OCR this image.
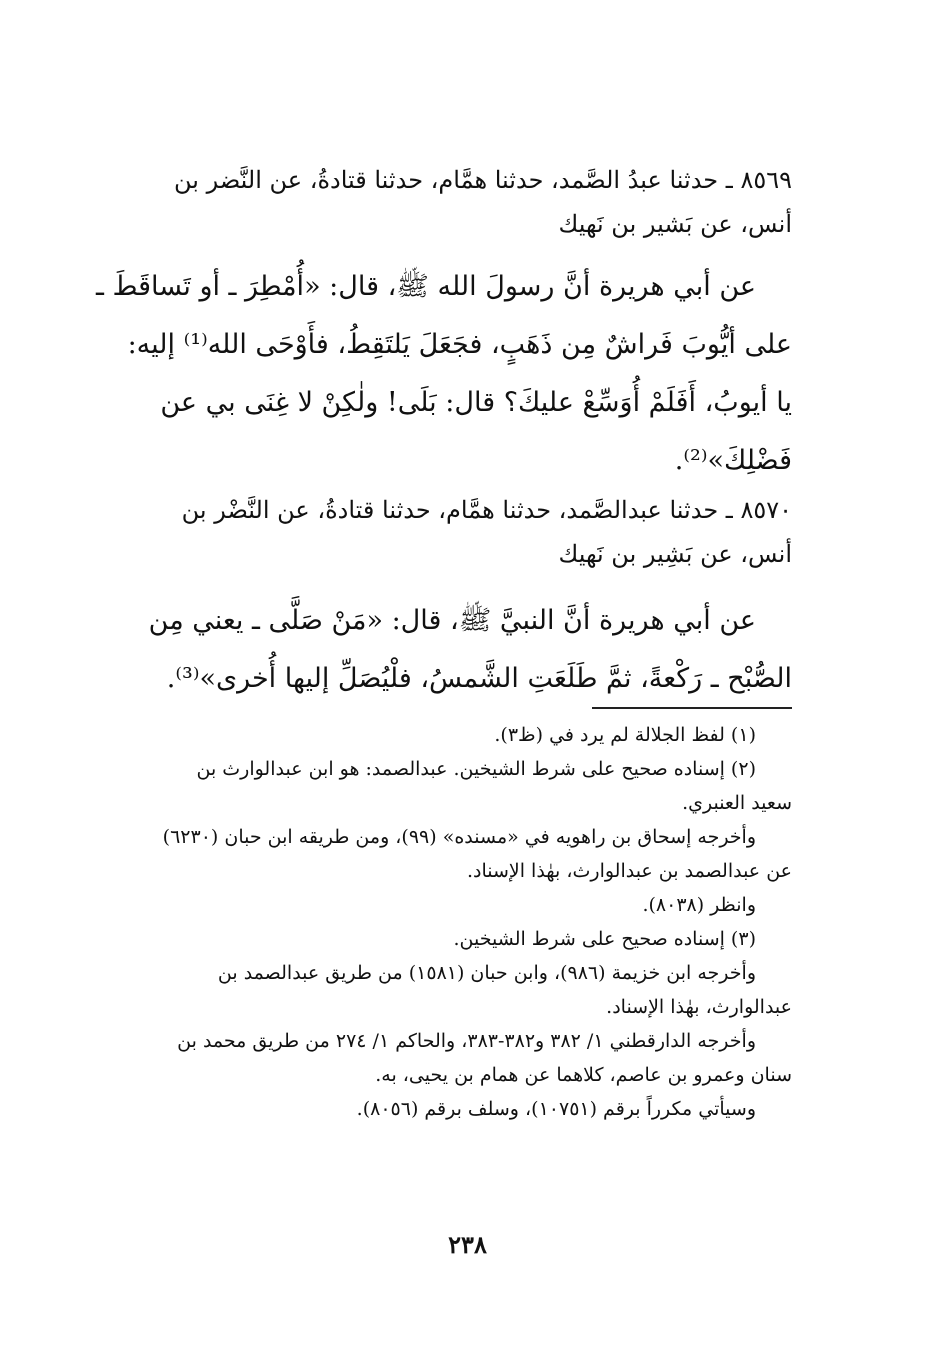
٨٥٦٩ ـ حدثنا عبدُ الصَّمد، حدثنا همَّام، حدثنا قتادةُ، عن النَّضر بن
أنس، عن بَشير بن نَهيك
عن أبي هريرة أنَّ رسولَ الله ﷺ، قال: «أُمْطِرَ ـ أو تَساقَطَ ـ
على أيُّوبَ فَراشٌ مِن ذَهَبٍ، فجَعَلَ يَلتَقِطُ، فأَوْحَى الله⁽¹⁾ إليه:
يا أيوبُ، أَفَلَمْ أُوَسِّعْ عليكَ؟ قال: بَلَى! ولٰكِنْ لا غِنَى بي عن
فَضْلِكَ»⁽²⁾.
٨٥٧٠ ـ حدثنا عبدالصَّمد، حدثنا همَّام، حدثنا قتادةُ، عن النَّضْر بن
أنس، عن بَشِير بن نَهيك
عن أبي هريرة أنَّ النبيَّ ﷺ، قال: «مَنْ صَلَّى ـ يعني مِن
الصُّبْح ـ رَكْعةً، ثمَّ طَلَعَتِ الشَّمسُ، فلْيُصَلِّ إليها أُخرى»⁽³⁾.
(١) لفظ الجلالة لم يرد في (ظ٣).
(٢) إسناده صحيح على شرط الشيخين. عبدالصمد: هو ابن عبدالوارث بن
سعيد العنبري.
وأخرجه إسحاق بن راهويه في «مسنده» (٩٩)، ومن طريقه ابن حبان (٦٢٣٠)
عن عبدالصمد بن عبدالوارث، بهٰذا الإسناد.
وانظر (٨٠٣٨).
(٣) إسناده صحيح على شرط الشيخين.
وأخرجه ابن خزيمة (٩٨٦)، وابن حبان (١٥٨١) من طريق عبدالصمد بن
عبدالوارث، بهٰذا الإسناد.
وأخرجه الدارقطني ١/ ٣٨٢ و٣٨٢-٣٨٣، والحاكم ١/ ٢٧٤ من طريق محمد بن
سنان وعمرو بن عاصم، كلاهما عن همام بن يحيى، به.
وسيأتي مكرراً برقم (١٠٧٥١)، وسلف برقم (٨٠٥٦).
٢٣٨
